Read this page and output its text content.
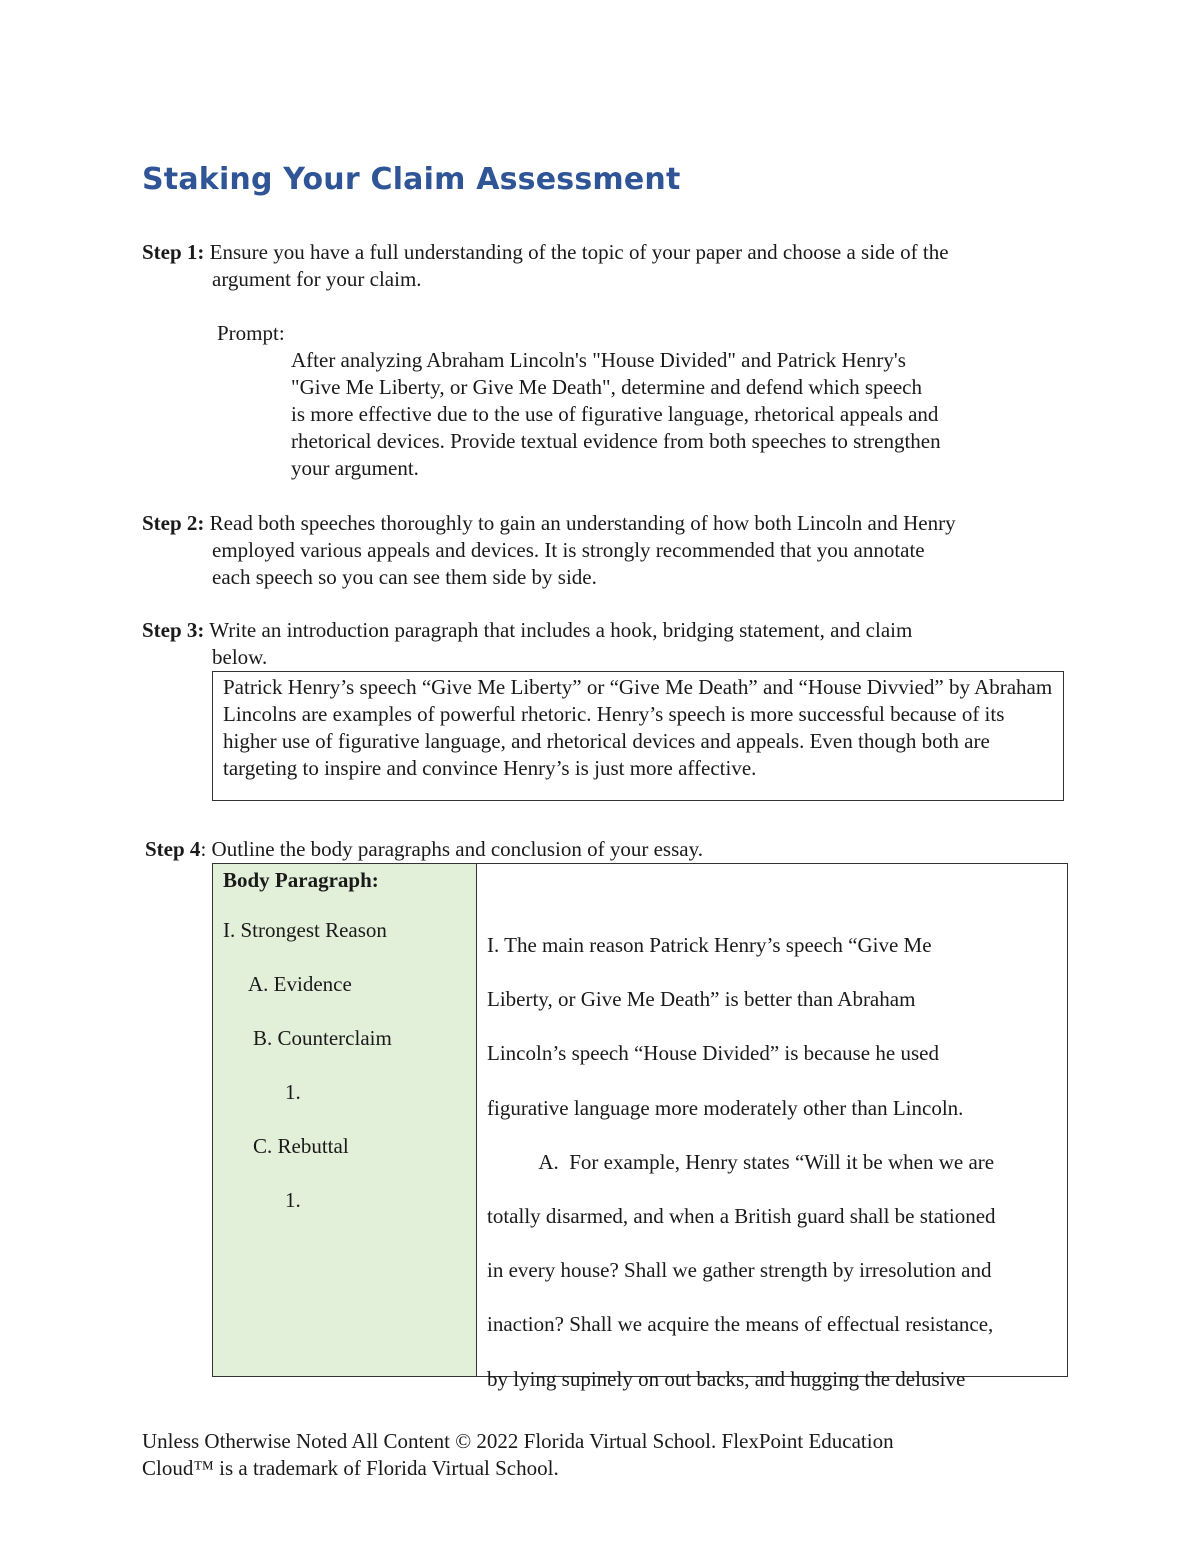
Staking Your Claim Assessment
Step 1: Ensure you have a full understanding of the topic of your paper and choose a side of the
argument for your claim.
Prompt:
After analyzing Abraham Lincoln's "House Divided" and Patrick Henry's "Give Me Liberty, or Give Me Death", determine and defend which speech is more effective due to the use of figurative language, rhetorical appeals and rhetorical devices. Provide textual evidence from both speeches to strengthen your argument.
Step 2: Read both speeches thoroughly to gain an understanding of how both Lincoln and Henry
employed various appeals and devices. It is strongly recommended that you annotate
each speech so you can see them side by side.
Step 3: Write an introduction paragraph that includes a hook, bridging statement, and claim
below.
Patrick Henry’s speech “Give Me Liberty” or “Give Me Death” and “House Divvied” by Abraham Lincolns are examples of powerful rhetoric. Henry’s speech is more successful because of its higher use of figurative language, and rhetorical devices and appeals. Even though both are targeting to inspire and convince Henry’s is just more affective.
Step 4: Outline the body paragraphs and conclusion of your essay.
Body Paragraph:
I. Strongest Reason
A. Evidence
B. Counterclaim
1.
C. Rebuttal
1.
I. The main reason Patrick Henry’s speech “Give Me
Liberty, or Give Me Death” is better than Abraham
Lincoln’s speech “House Divided” is because he used
figurative language more moderately other than Lincoln.
A.  For example, Henry states “Will it be when we are
totally disarmed, and when a British guard shall be stationed
in every house? Shall we gather strength by irresolution and
inaction? Shall we acquire the means of effectual resistance,
by lying supinely on out backs, and hugging the delusive
Unless Otherwise Noted All Content © 2022 Florida Virtual School. FlexPoint Education
Cloud™ is a trademark of Florida Virtual School.
